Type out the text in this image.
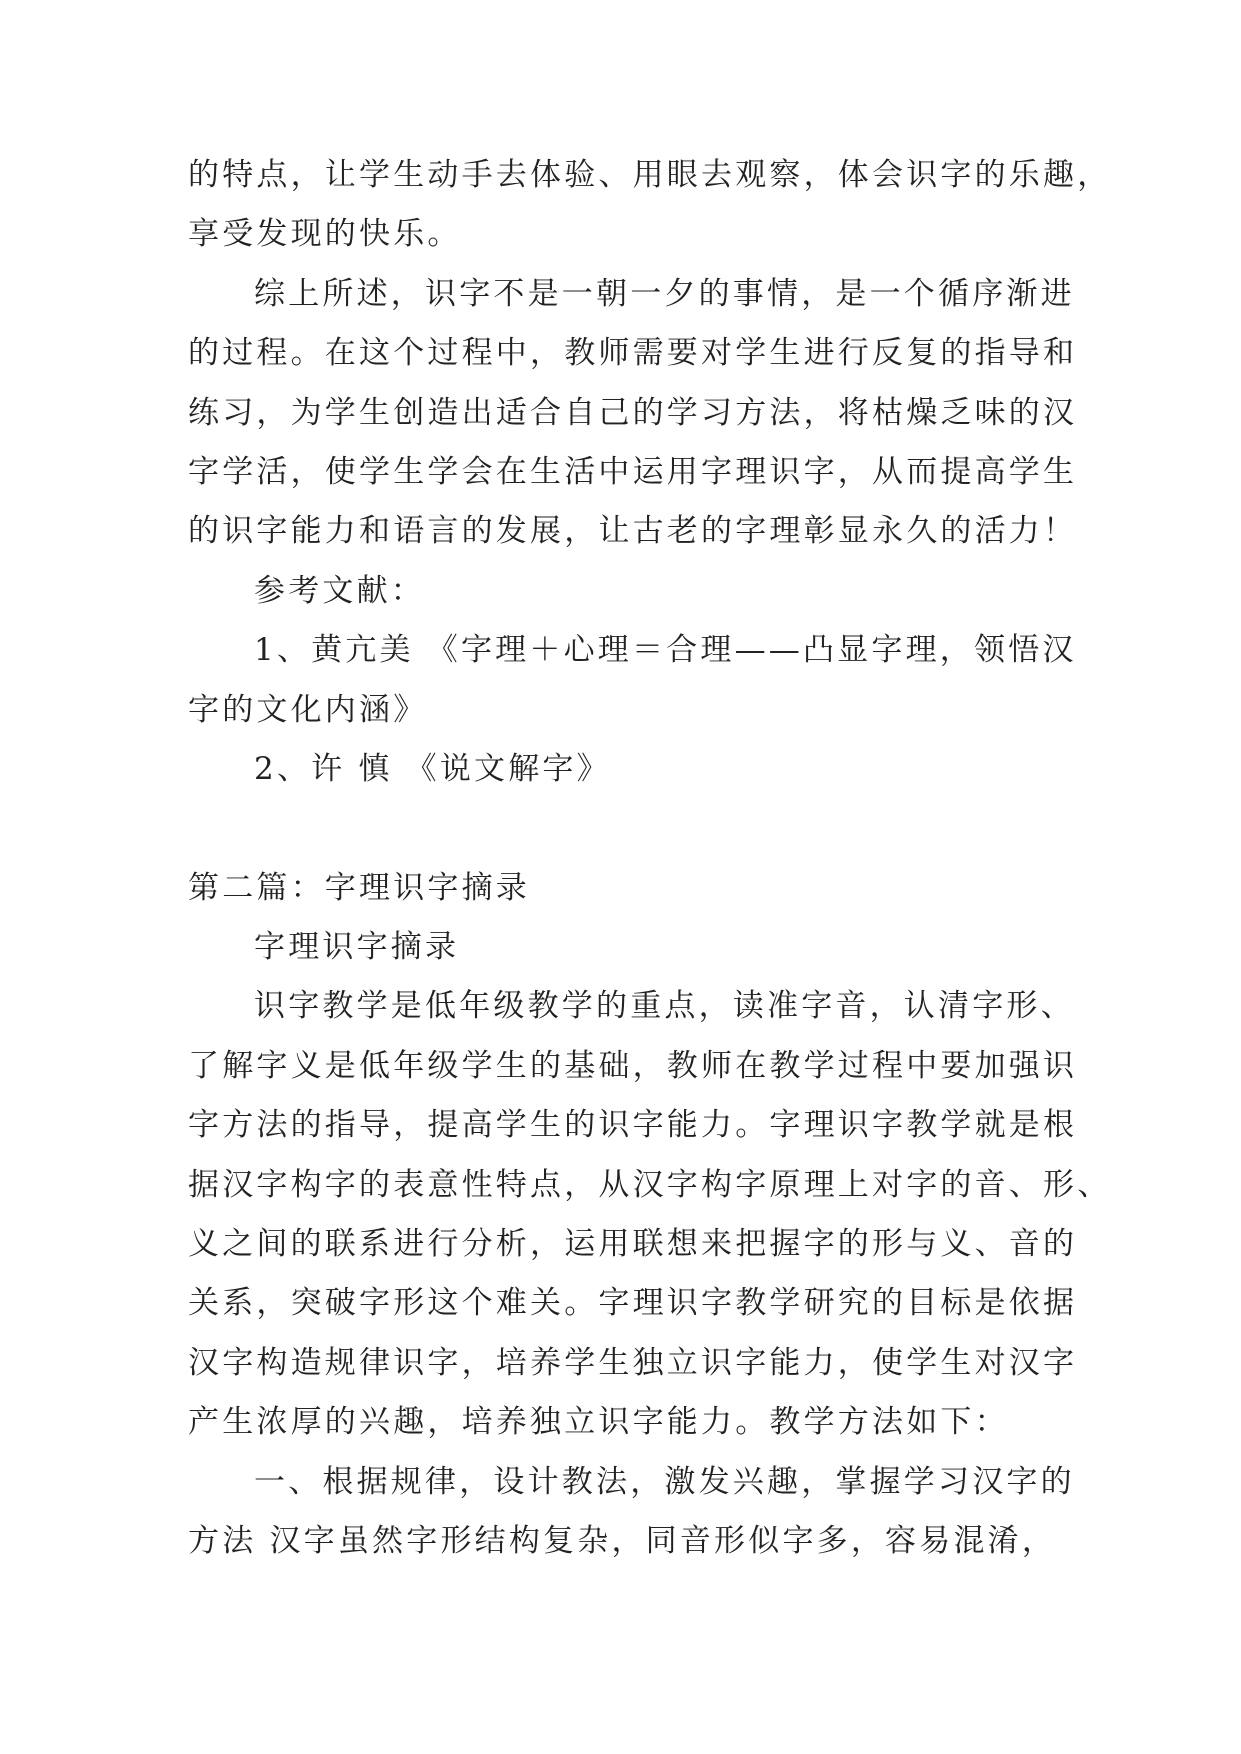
的特点，让学生动手去体验、用眼去观察，体会识字的乐趣，
享受发现的快乐。
综上所述，识字不是一朝一夕的事情，是一个循序渐进
的过程。在这个过程中，教师需要对学生进行反复的指导和
练习，为学生创造出适合自己的学习方法，将枯燥乏味的汉
字学活，使学生学会在生活中运用字理识字，从而提高学生
的识字能力和语言的发展，让古老的字理彰显永久的活力！
参考文献：
1、黄亢美 《字理＋心理＝合理——凸显字理，领悟汉
字的文化内涵》
2、许 慎 《说文解字》
第二篇：字理识字摘录
字理识字摘录
识字教学是低年级教学的重点，读准字音，认清字形、
了解字义是低年级学生的基础，教师在教学过程中要加强识
字方法的指导，提高学生的识字能力。字理识字教学就是根
据汉字构字的表意性特点，从汉字构字原理上对字的音、形、
义之间的联系进行分析，运用联想来把握字的形与义、音的
关系，突破字形这个难关。字理识字教学研究的目标是依据
汉字构造规律识字，培养学生独立识字能力，使学生对汉字
产生浓厚的兴趣，培养独立识字能力。教学方法如下：
一、根据规律，设计教法，激发兴趣，掌握学习汉字的
方法 汉字虽然字形结构复杂，同音形似字多，容易混淆，
